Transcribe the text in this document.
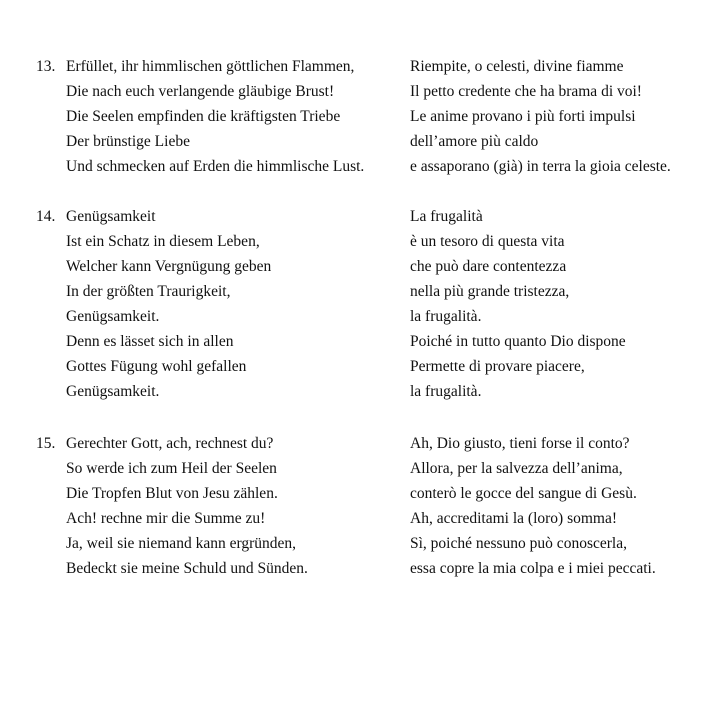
13. Erfüllet, ihr himmlischen göttlichen Flammen,
Die nach euch verlangende gläubige Brust!
Die Seelen empfinden die kräftigsten Triebe
Der brünstige Liebe
Und schmecken auf Erden die himmlische Lust.
Riempite, o celesti, divine fiamme
Il petto credente che ha brama di voi!
Le anime provano i più forti impulsi
dell’amore più caldo
e assaporano (già) in terra la gioia celeste.
14. Genügsamkeit
Ist ein Schatz in diesem Leben,
Welcher kann Vergnügung geben
In der größten Traurigkeit,
Genügsamkeit.
Denn es lässet sich in allen
Gottes Fügung wohl gefallen
Genügsamkeit.
La frugalità
è un tesoro di questa vita
che può dare contentezza
nella più grande tristezza,
la frugalità.
Poiché in tutto quanto Dio dispone
Permette di provare piacere,
la frugalità.
15. Gerechter Gott, ach, rechnest du?
So werde ich zum Heil der Seelen
Die Tropfen Blut von Jesu zählen.
Ach! rechne mir die Summe zu!
Ja, weil sie niemand kann ergründen,
Bedeckt sie meine Schuld und Sünden.
Ah, Dio giusto, tieni forse il conto?
Allora, per la salvezza dell’anima,
conterò le gocce del sangue di Gesù.
Ah, accreditami la (loro) somma!
Sì, poiché nessuno può conoscerla,
essa copre la mia colpa e i miei peccati.
